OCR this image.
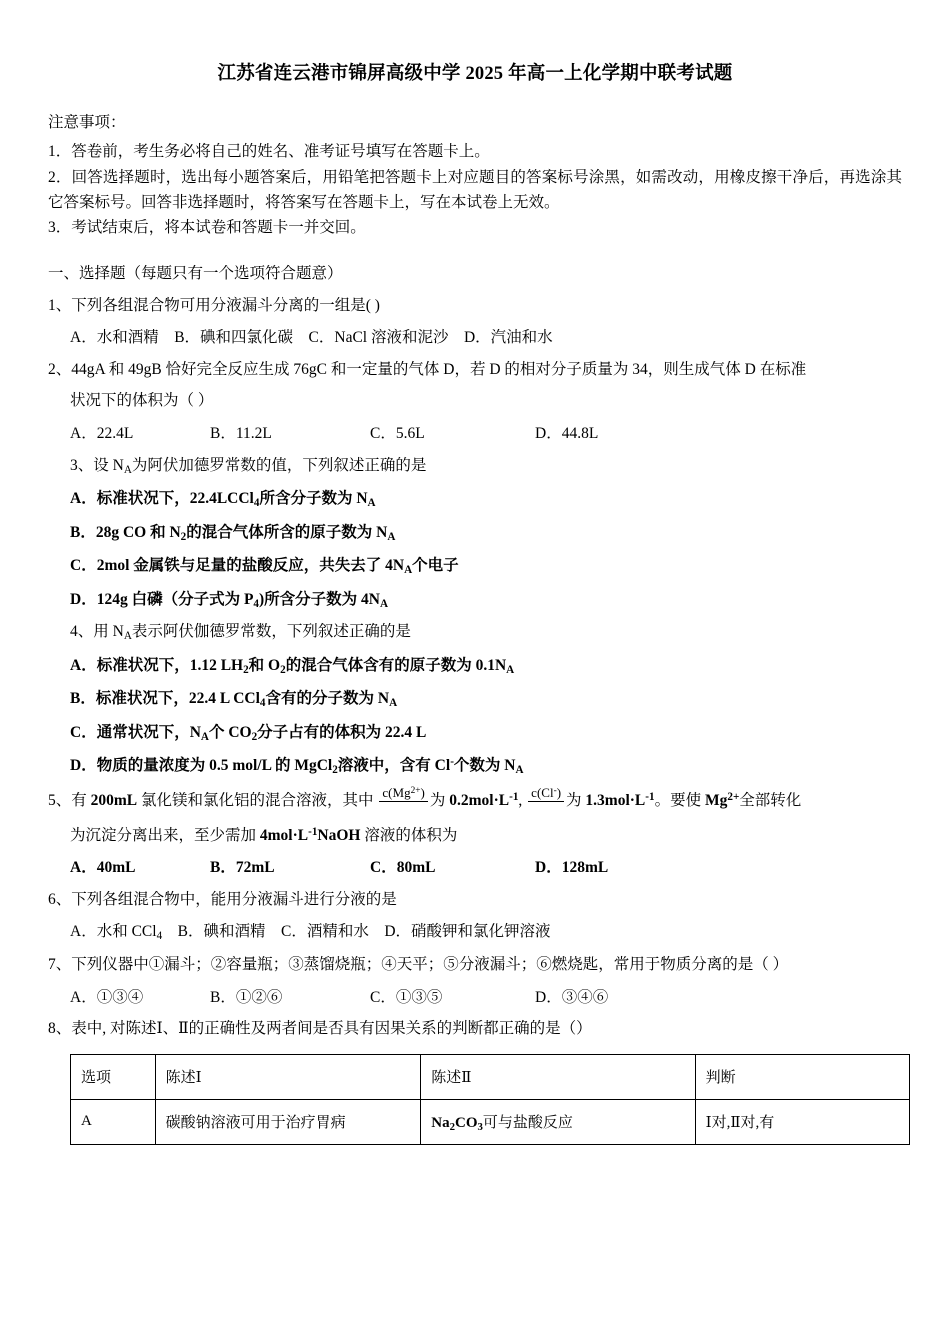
江苏省连云港市锦屏高级中学 2025 年高一上化学期中联考试题
注意事项：
1．答卷前，考生务必将自己的姓名、准考证号填写在答题卡上。
2．回答选择题时，选出每小题答案后，用铅笔把答题卡上对应题目的答案标号涂黑，如需改动，用橡皮擦干净后，再选涂其它答案标号。回答非选择题时，将答案写在答题卡上，写在本试卷上无效。
3．考试结束后，将本试卷和答题卡一并交回。
一、选择题（每题只有一个选项符合题意）
1、下列各组混合物可用分液漏斗分离的一组是( )
A．水和酒精　B．碘和四氯化碳　C．NaCl 溶液和泥沙　D．汽油和水
2、44gA 和 49gB 恰好完全反应生成 76gC 和一定量的气体 D，若 D 的相对分子质量为 34，则生成气体 D 在标准
状况下的体积为（ ）
A．22.4L	B．11.2L	C．5.6L	D．44.8L
3、设 $N_A$为阿伏加德罗常数的值，下列叙述正确的是
A．标准状况下，22.4LCCl$_4$所含分子数为 $N_A$
B．28g CO 和 $N_2$的混合气体所含的原子数为 $N_A$
C．2mol 金属铁与足量的盐酸反应，共失去了 $4N_A$个电子
D．124g 白磷（分子式为 $P_4$)所含分子数为 $4N_A$
4、用 $N_A$表示阿伏伽德罗常数，下列叙述正确的是
A．标准状况下，1.12 $LH_2$和 $O_2$的混合气体含有的原子数为 $0.1N_A$
B．标准状况下，22.4 L CCl$_4$含有的分子数为 $N_A$
C．通常状况下，$N_A$个 $CO_2$分子占有的体积为 22.4 L
D．物质的量浓度为 0.5 mol/L 的 MgCl$_2$溶液中，含有 Cl-个数为 $N_A$
5、有 200mL 氯化镁和氯化铝的混合溶液，其中 $c(Mg^{2+})$
为 $0.2mol\cdot L^{-1}$, c(Cl-)
为 $1.3mol\cdot L^{-1}$。要使 $Mg^{2+}$全部转化
为沉淀分离出来，至少需加 $4mol\cdot L^{-1}NaOH$ 溶液的体积为
A．40mL	B．72mL	C．80mL	D．128mL
6、下列各组混合物中，能用分液漏斗进行分液的是
A．水和 CCl$_4$　B．碘和酒精　C．酒精和水　D．硝酸钾和氯化钾溶液
7、下列仪器中①漏斗；②容量瓶；③蒸馏烧瓶；④天平；⑤分液漏斗；⑥燃烧匙，常用于物质分离的是（ ）
A．①③④	B．①②⑥	C．①③⑤	D．③④⑥
8、表中, 对陈述Ⅰ、Ⅱ的正确性及两者间是否具有因果关系的判断都正确的是（）
选项	陈述Ⅰ	陈述Ⅱ	判断
A	碳酸钠溶液可用于治疗胃病	$Na_2CO_3$可与盐酸反应	Ⅰ对,Ⅱ对,有
